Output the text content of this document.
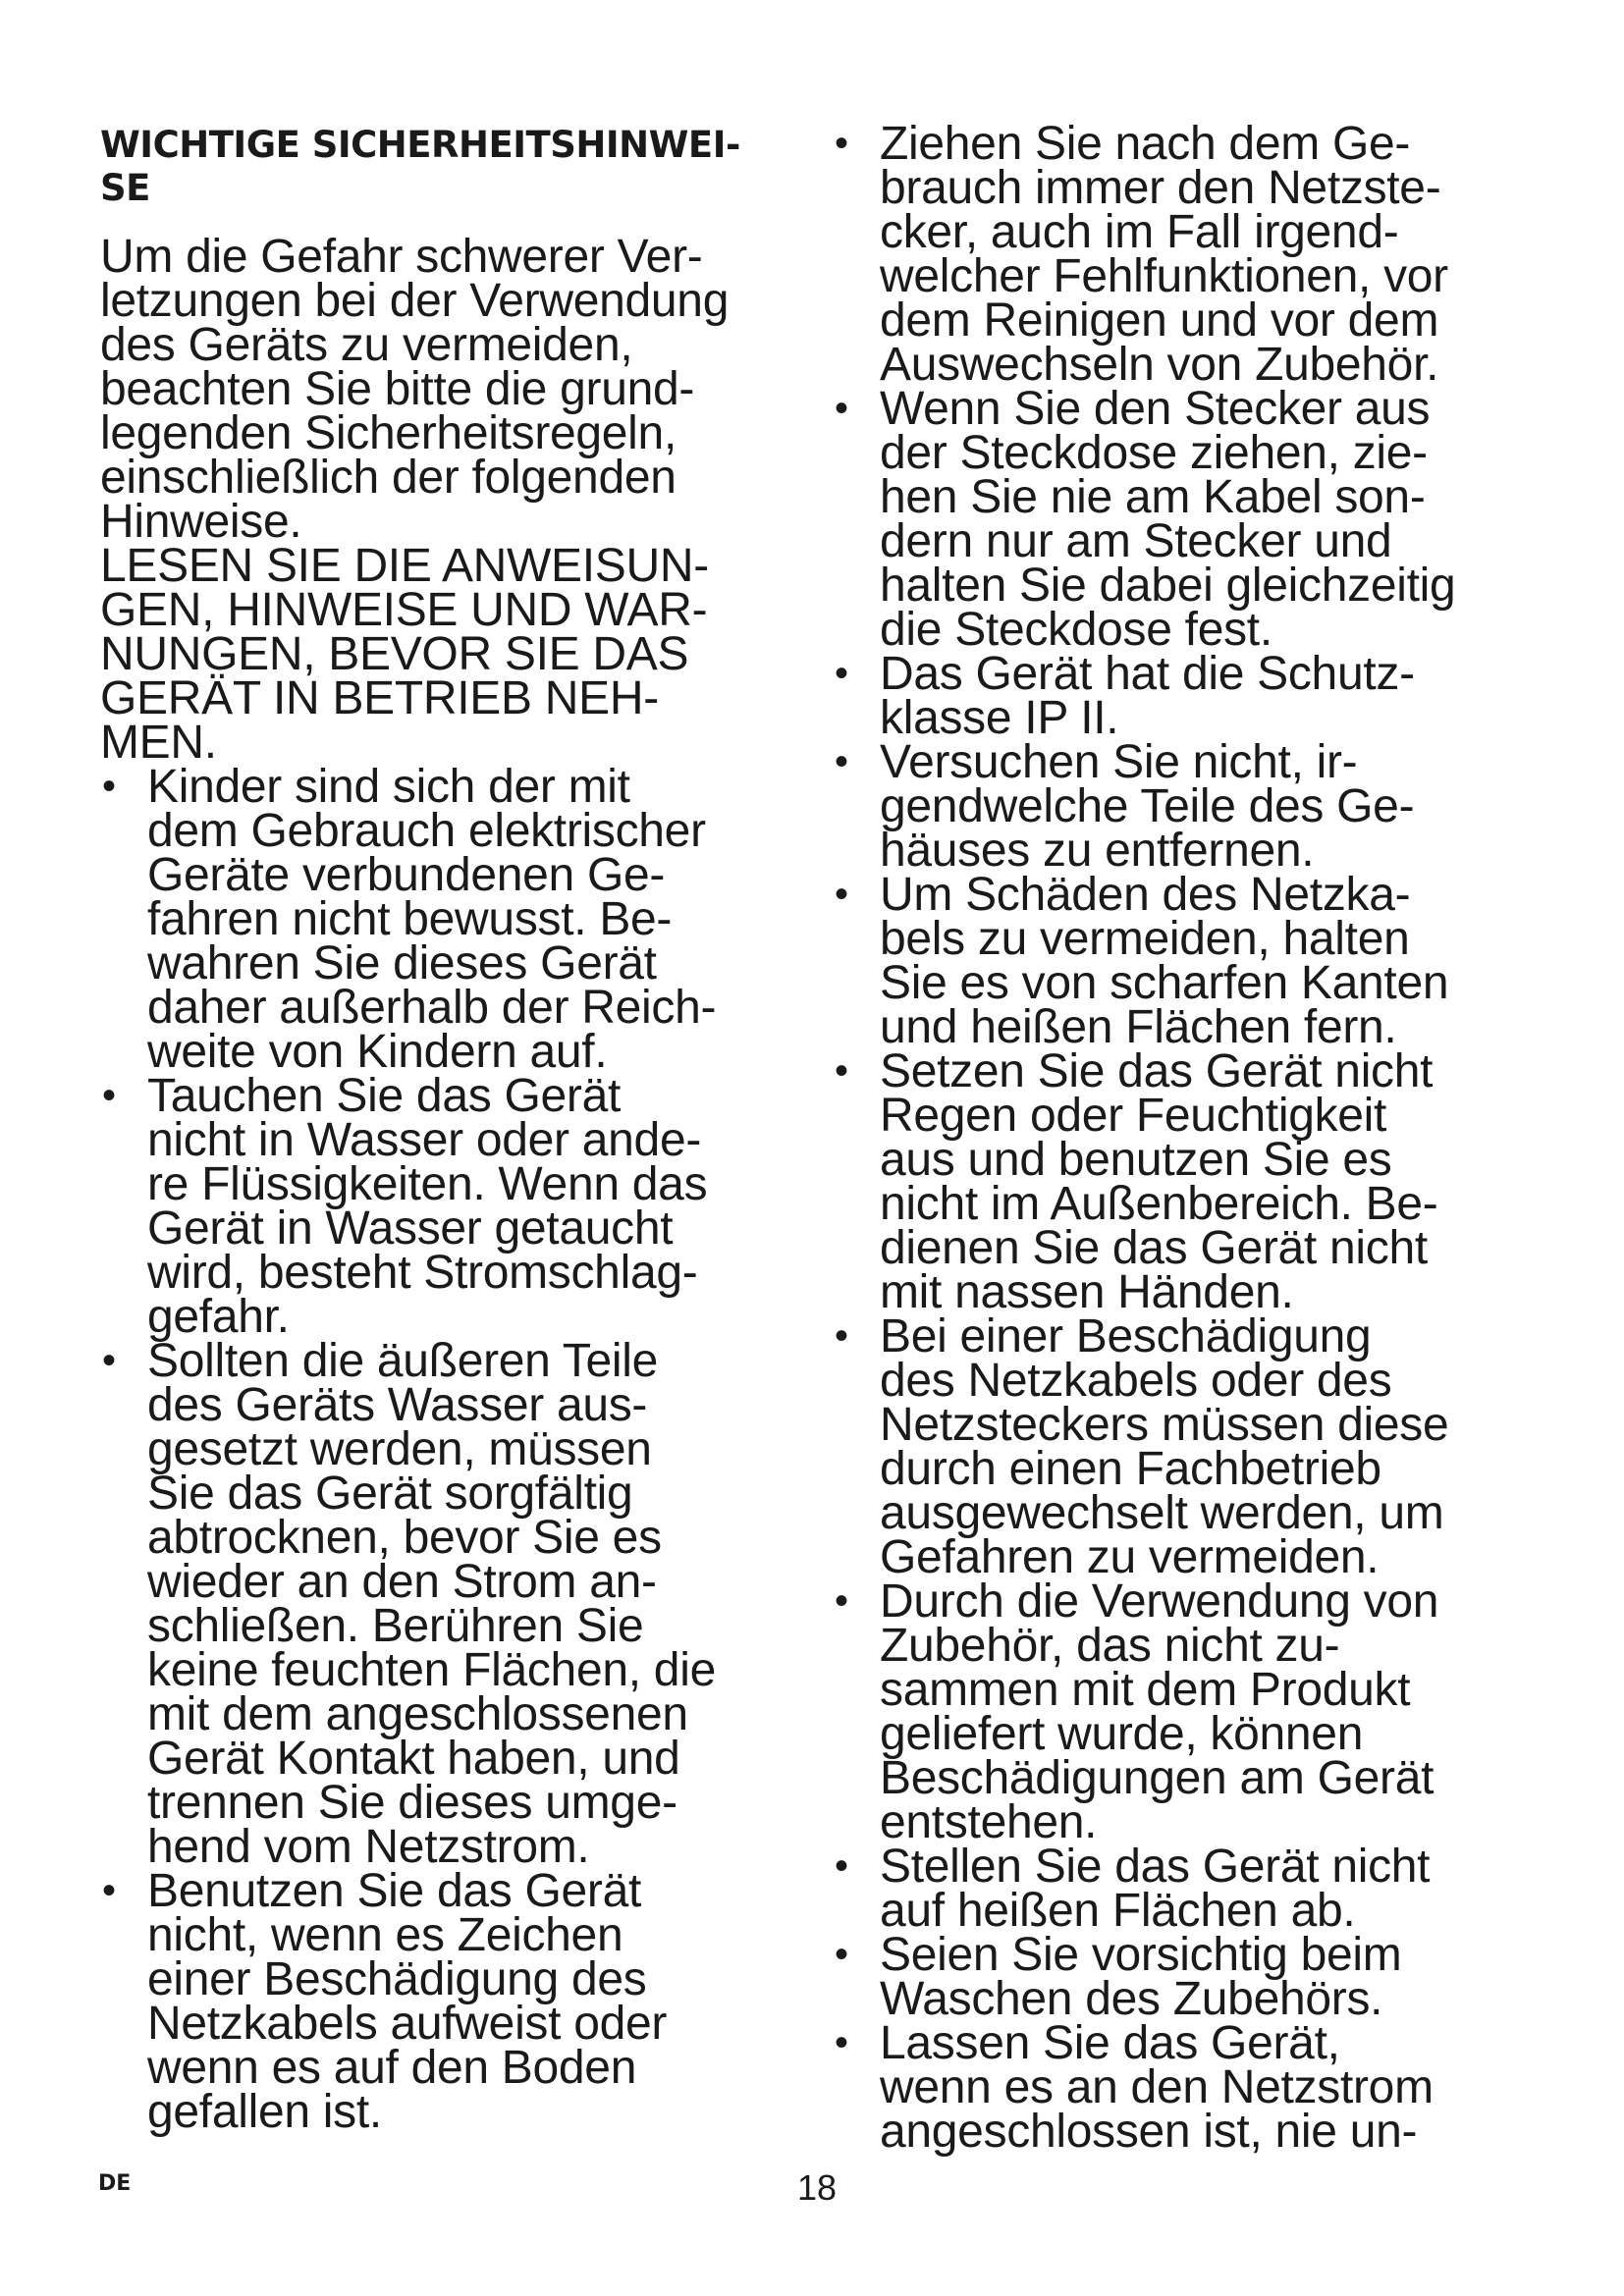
WICHTIGE SICHERHEITSHINWEI-
SE

Um die Gefahr schwerer Ver-
letzungen bei der Verwendung
des Geräts zu vermeiden,
beachten Sie bitte die grund-
legenden Sicherheitsregeln,
einschließlich der folgenden
Hinweise.

LESEN SIE DIE ANWEISUN-
GEN, HINWEISE UND WAR-
NUNGEN, BEVOR SIE DAS
GERÄT IN BETRIEB NEH-
MEN.

• Kinder sind sich der mit
dem Gebrauch elektrischer
Geräte verbundenen Ge-
fahren nicht bewusst. Be-
wahren Sie dieses Gerät
daher außerhalb der Reich-
weite von Kindern auf.
• Tauchen Sie das Gerät
nicht in Wasser oder ande-
re Flüssigkeiten. Wenn das
Gerät in Wasser getaucht
wird, besteht Stromschlag-
gefahr.
• Sollten die äußeren Teile
des Geräts Wasser aus-
gesetzt werden, müssen
Sie das Gerät sorgfältig
abtrocknen, bevor Sie es
wieder an den Strom an-
schließen. Berühren Sie
keine feuchten Flächen, die
mit dem angeschlossenen
Gerät Kontakt haben, und
trennen Sie dieses umge-
hend vom Netzstrom.
• Benutzen Sie das Gerät
nicht, wenn es Zeichen
einer Beschädigung des
Netzkabels aufweist oder
wenn es auf den Boden
gefallen ist.
• Ziehen Sie nach dem Ge-
brauch immer den Netzste-
cker, auch im Fall irgend-
welcher Fehlfunktionen, vor
dem Reinigen und vor dem
Auswechseln von Zubehör.
• Wenn Sie den Stecker aus
der Steckdose ziehen, zie-
hen Sie nie am Kabel son-
dern nur am Stecker und
halten Sie dabei gleichzeitig
die Steckdose fest.
• Das Gerät hat die Schutz-
klasse IP II.
• Versuchen Sie nicht, ir-
gendwelche Teile des Ge-
häuses zu entfernen.
• Um Schäden des Netzka-
bels zu vermeiden, halten
Sie es von scharfen Kanten
und heißen Flächen fern.
• Setzen Sie das Gerät nicht
Regen oder Feuchtigkeit
aus und benutzen Sie es
nicht im Außenbereich. Be-
dienen Sie das Gerät nicht
mit nassen Händen.
• Bei einer Beschädigung
des Netzkabels oder des
Netzsteckers müssen diese
durch einen Fachbetrieb
ausgewechselt werden, um
Gefahren zu vermeiden.
• Durch die Verwendung von
Zubehör, das nicht zu-
sammen mit dem Produkt
geliefert wurde, können
Beschädigungen am Gerät
entstehen.
• Stellen Sie das Gerät nicht
auf heißen Flächen ab.
• Seien Sie vorsichtig beim
Waschen des Zubehörs.
• Lassen Sie das Gerät,
wenn es an den Netzstrom
angeschlossen ist, nie un-
DE	18
